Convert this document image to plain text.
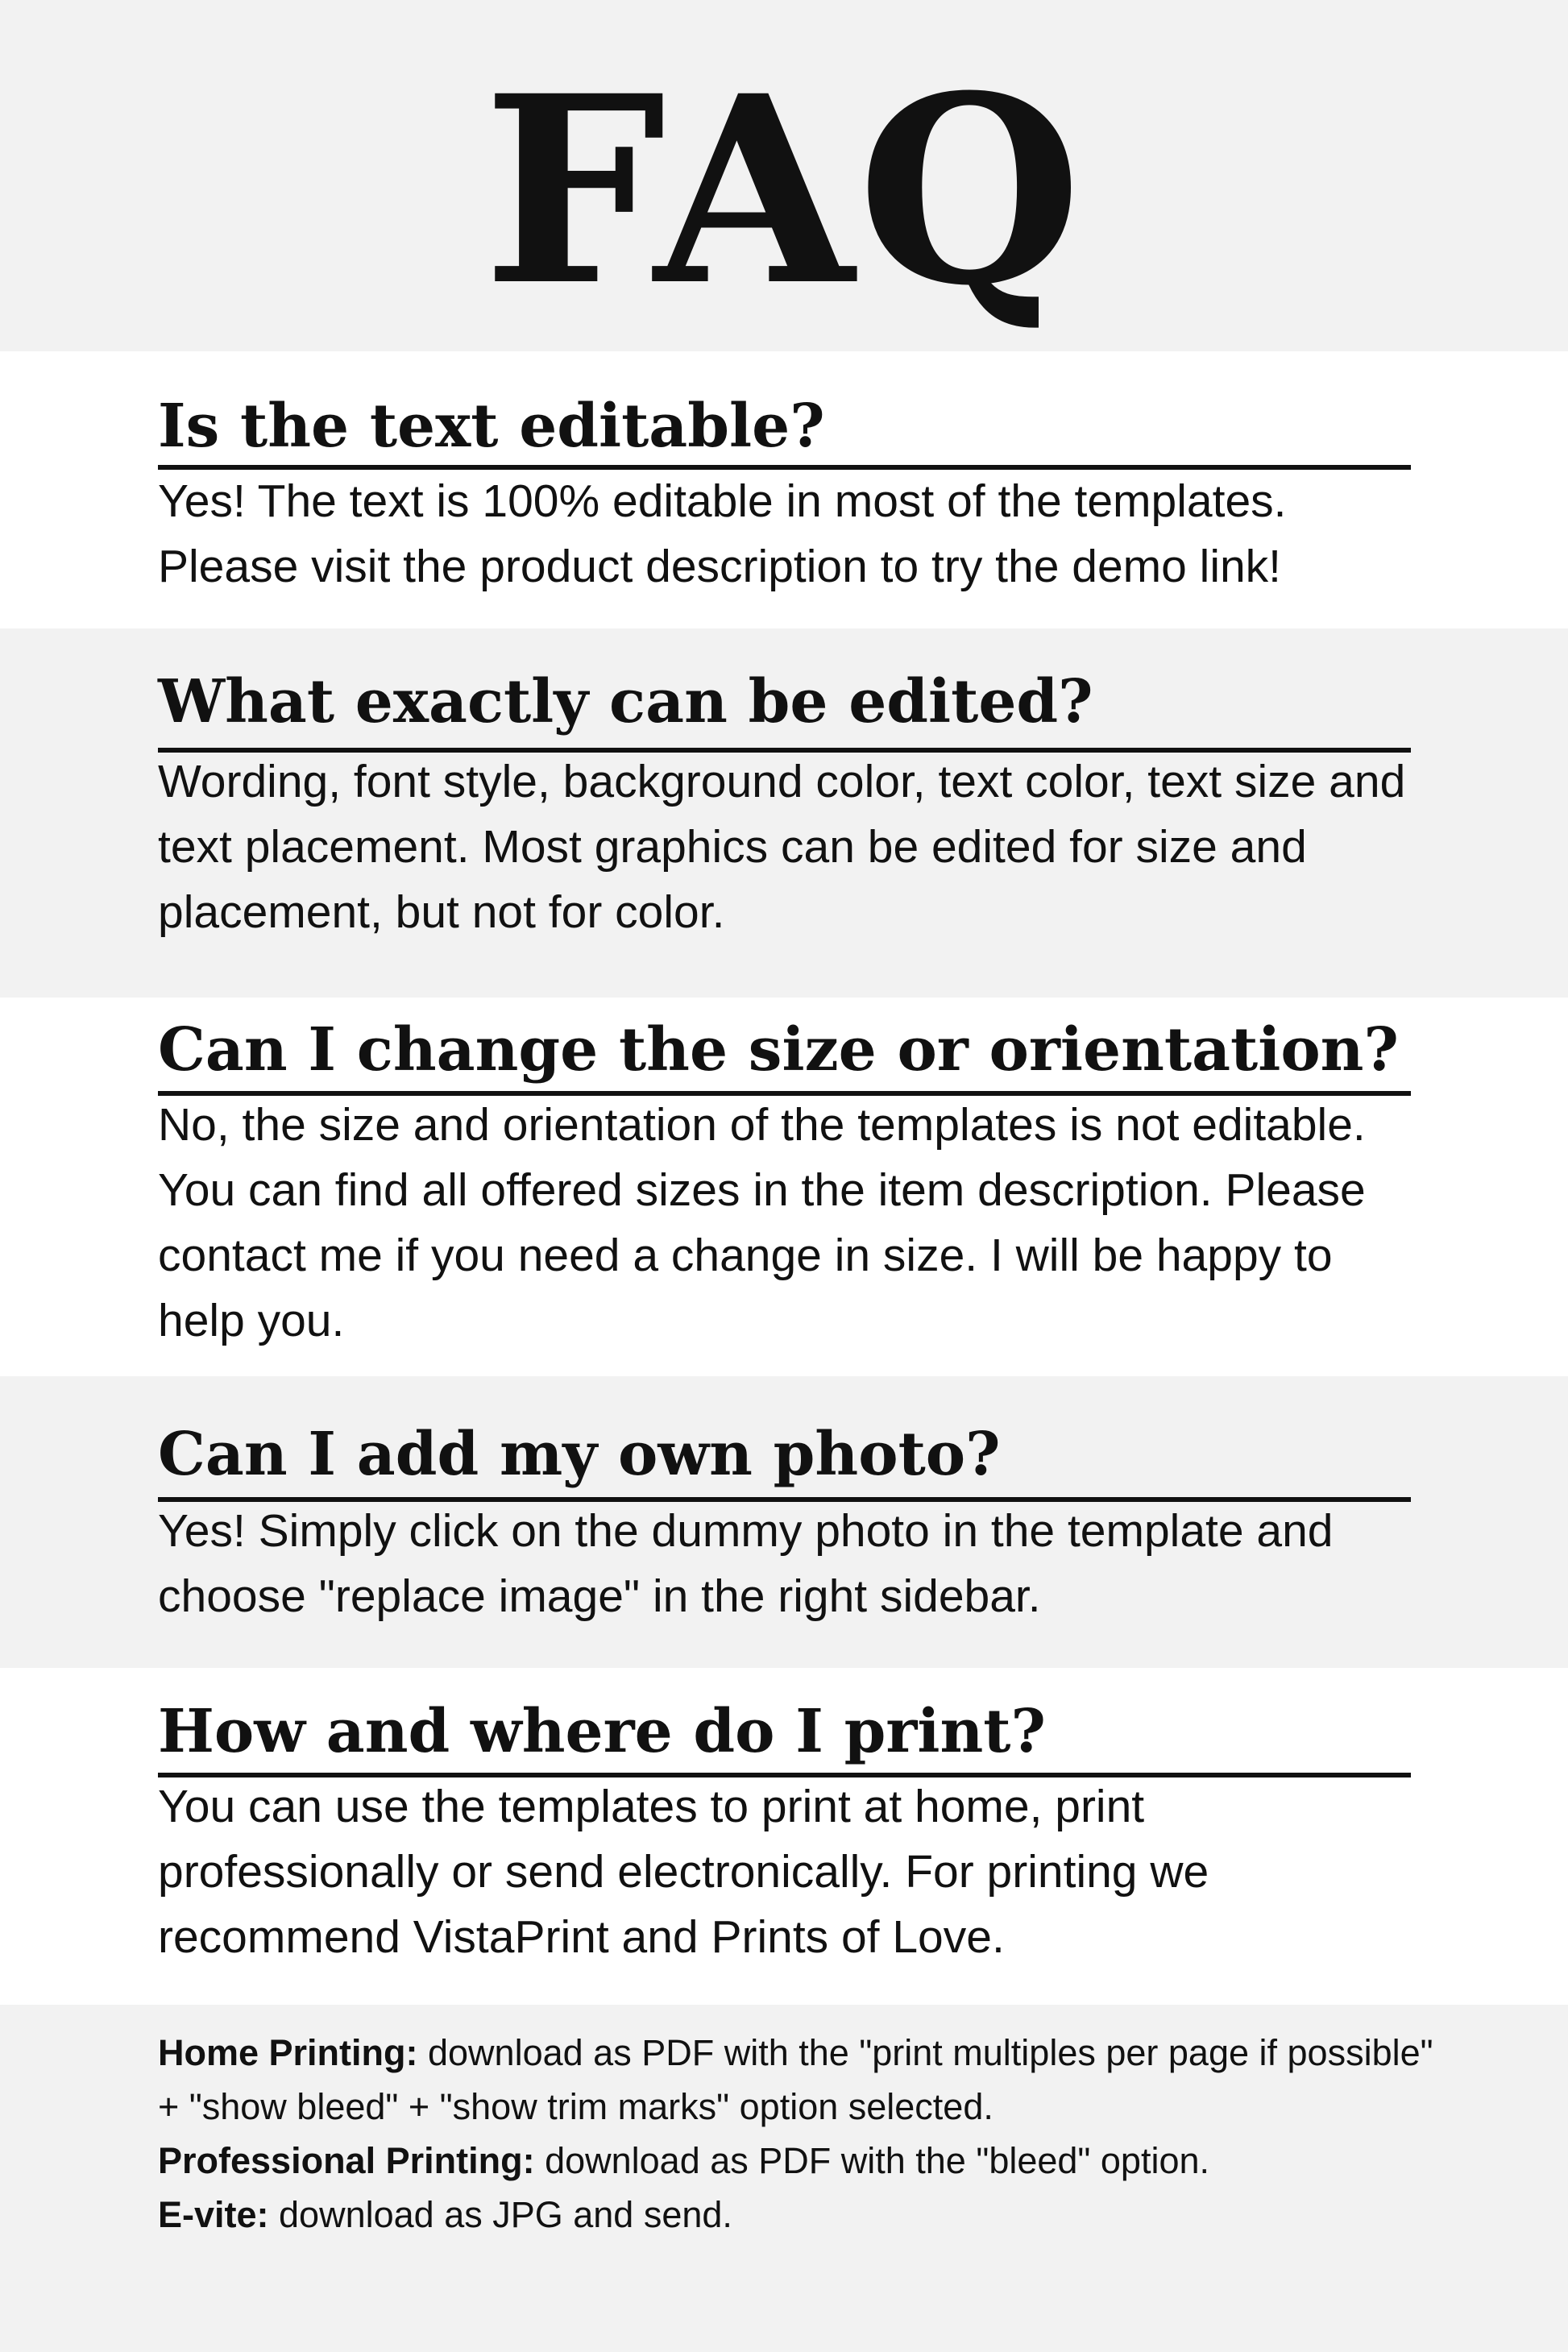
FAQ
Is the text editable?

Yes! The text is 100% editable in most of the templates. Please visit the product description to try the demo link!

What exactly can be edited?

Wording, font style, background color, text color, text size and text placement. Most graphics can be edited for size and placement, but not for color.

Can I change the size or orientation?

No, the size and orientation of the templates is not editable. You can find all offered sizes in the item description. Please contact me if you need a change in size. I will be happy to help you.

Can I add my own photo?

Yes! Simply click on the dummy photo in the template and choose "replace image" in the right sidebar.

How and where do I print?

You can use the templates to print at home, print professionally or send electronically. For printing we recommend VistaPrint and Prints of Love.

Home Printing: download as PDF with the "print multiples per page if possible" + "show bleed" + "show trim marks" option selected.
Professional Printing: download as PDF with the "bleed" option.
E-vite: download as JPG and send.
